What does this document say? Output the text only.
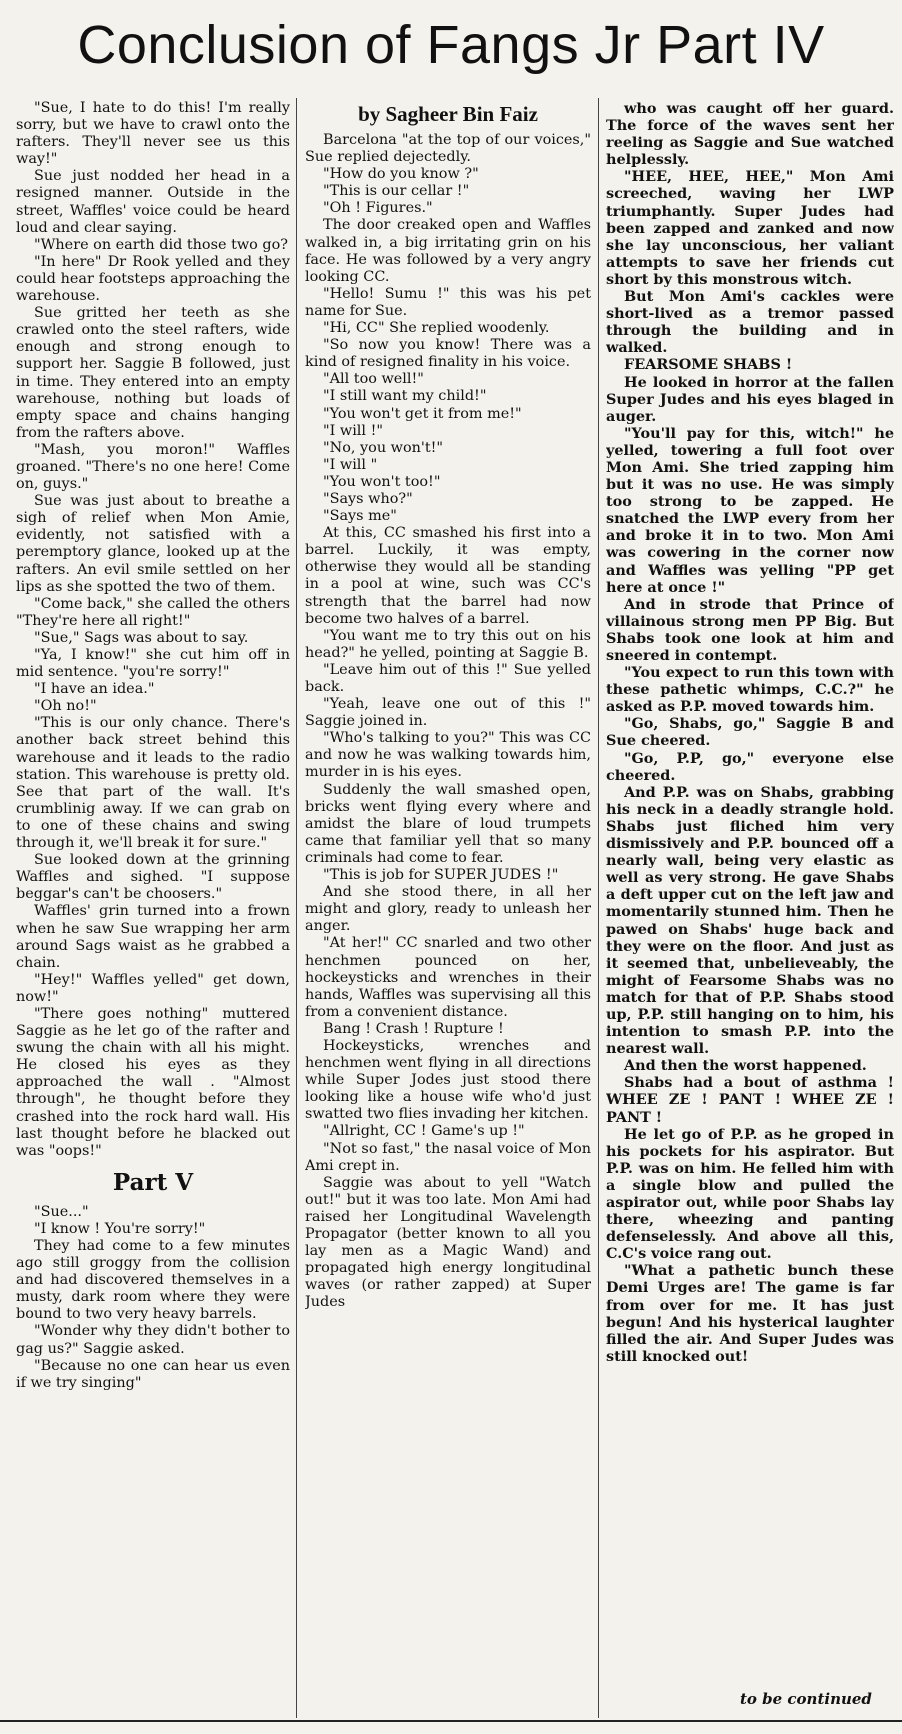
Conclusion of Fangs Jr Part IV

"Sue, I hate to do this! I'm really sorry, but we have to crawl onto the rafters. They'll never see us this way!"

Sue just nodded her head in a resigned manner. Outside in the street, Waffles' voice could be heard loud and clear saying.

"Where on earth did those two go?

"In here" Dr Rook yelled and they could hear footsteps approaching the warehouse.

Sue gritted her teeth as she crawled onto the steel rafters, wide enough and strong enough to support her. Saggie B followed, just in time. They entered into an empty warehouse, nothing but loads of empty space and chains hanging from the rafters above.

"Mash, you moron!" Waffles groaned. "There's no one here! Come on, guys."

Sue was just about to breathe a sigh of relief when Mon Amie, evidently, not satisfied with a peremptory glance, looked up at the rafters. An evil smile settled on her lips as she spotted the two of them.

"Come back," she called the others "They're here all right!"

"Sue," Sags was about to say.

"Ya, I know!" she cut him off in mid sentence. "you're sorry!"

"I have an idea."

"Oh no!"

"This is our only chance. There's another back street behind this warehouse and it leads to the radio station. This warehouse is pretty old. See that part of the wall. It's crumblinig away. If we can grab on to one of these chains and swing through it, we'll break it for sure."

Sue looked down at the grinning Waffles and sighed. "I suppose beggar's can't be choosers."

Waffles' grin turned into a frown when he saw Sue wrapping her arm around Sags waist as he grabbed a chain.

"Hey!" Waffles yelled" get down, now!"

"There goes nothing" muttered Saggie as he let go of the rafter and swung the chain with all his might. He closed his eyes as they approached the wall . "Almost through", he thought before they crashed into the rock hard wall. His last thought before he blacked out was "oops!"

Part V

"Sue..."

"I know ! You're sorry!"

They had come to a few minutes ago still groggy from the collision and had discovered themselves in a musty, dark room where they were bound to two very heavy barrels.

"Wonder why they didn't bother to gag us?" Saggie asked.

"Because no one can hear us even if we try singing"

by Sagheer Bin Faiz

Barcelona "at the top of our voices," Sue replied dejectedly.

"How do you know ?"

"This is our cellar !"

"Oh ! Figures."

The door creaked open and Waffles walked in, a big irritating grin on his face. He was followed by a very angry looking CC.

"Hello! Sumu !" this was his pet name for Sue.

"Hi, CC" She replied woodenly.

"So now you know! There was a kind of resigned finality in his voice.

"All too well!"

"I still want my child!"

"You won't get it from me!"

"I will !"

"No, you won't!"

"I will "

"You won't too!"

"Says who?"

"Says me"

At this, CC smashed his first into a barrel. Luckily, it was empty, otherwise they would all be standing in a pool at wine, such was CC's strength that the barrel had now become two halves of a barrel.

"You want me to try this out on his head?" he yelled, pointing at Saggie B.

"Leave him out of this !" Sue yelled back.

"Yeah, leave one out of this !" Saggie joined in.

"Who's talking to you?" This was CC and now he was walking towards him, murder in is his eyes.

Suddenly the wall smashed open, bricks went flying every where and amidst the blare of loud trumpets came that familiar yell that so many criminals had come to fear.

"This is job for SUPER JUDES !"

And she stood there, in all her might and glory, ready to unleash her anger.

"At her!" CC snarled and two other henchmen pounced on her, hockeysticks and wrenches in their hands, Waffles was supervising all this from a convenient distance.

Bang ! Crash ! Rupture !

Hockeysticks, wrenches and henchmen went flying in all directions while Super Jodes just stood there looking like a house wife who'd just swatted two flies invading her kitchen.

"Allright, CC ! Game's up !"

"Not so fast," the nasal voice of Mon Ami crept in.

Saggie was about to yell "Watch out!" but it was too late. Mon Ami had raised her Longitudinal Wavelength Propagator (better known to all you lay men as a Magic Wand) and propagated high energy longitudinal waves (or rather zapped) at Super Judes

who was caught off her guard. The force of the waves sent her reeling as Saggie and Sue watched helplessly.

"HEE, HEE, HEE," Mon Ami screeched, waving her LWP triumphantly. Super Judes had been zapped and zanked and now she lay unconscious, her valiant attempts to save her friends cut short by this monstrous witch.

But Mon Ami's cackles were short-lived as a tremor passed through the building and in walked.

FEARSOME SHABS !

He looked in horror at the fallen Super Judes and his eyes blaged in auger.

"You'll pay for this, witch!" he yelled, towering a full foot over Mon Ami. She tried zapping him but it was no use. He was simply too strong to be zapped. He snatched the LWP every from her and broke it in to two. Mon Ami was cowering in the corner now and Waffles was yelling "PP get here at once !"

And in strode that Prince of villainous strong men PP Big. But Shabs took one look at him and sneered in contempt.

"You expect to run this town with these pathetic whimps, C.C.?" he asked as P.P. moved towards him.

"Go, Shabs, go," Saggie B and Sue cheered.

"Go, P.P, go," everyone else cheered.

And P.P. was on Shabs, grabbing his neck in a deadly strangle hold. Shabs just fliched him very dismissively and P.P. bounced off a nearly wall, being very elastic as well as very strong. He gave Shabs a deft upper cut on the left jaw and momentarily stunned him. Then he pawed on Shabs' huge back and they were on the floor. And just as it seemed that, unbelieveably, the might of Fearsome Shabs was no match for that of P.P. Shabs stood up, P.P. still hanging on to him, his intention to smash P.P. into the nearest wall.

And then the worst happened.

Shabs had a bout of asthma ! WHEE ZE ! PANT ! WHEE ZE ! PANT !

He let go of P.P. as he groped in his pockets for his aspirator. But P.P. was on him. He felled him with a single blow and pulled the aspirator out, while poor Shabs lay there, wheezing and panting defenselessly. And above all this, C.C's voice rang out.

"What a pathetic bunch these Demi Urges are! The game is far from over for me. It has just begun! And his hysterical laughter filled the air. And Super Judes was still knocked out!

to be continued
